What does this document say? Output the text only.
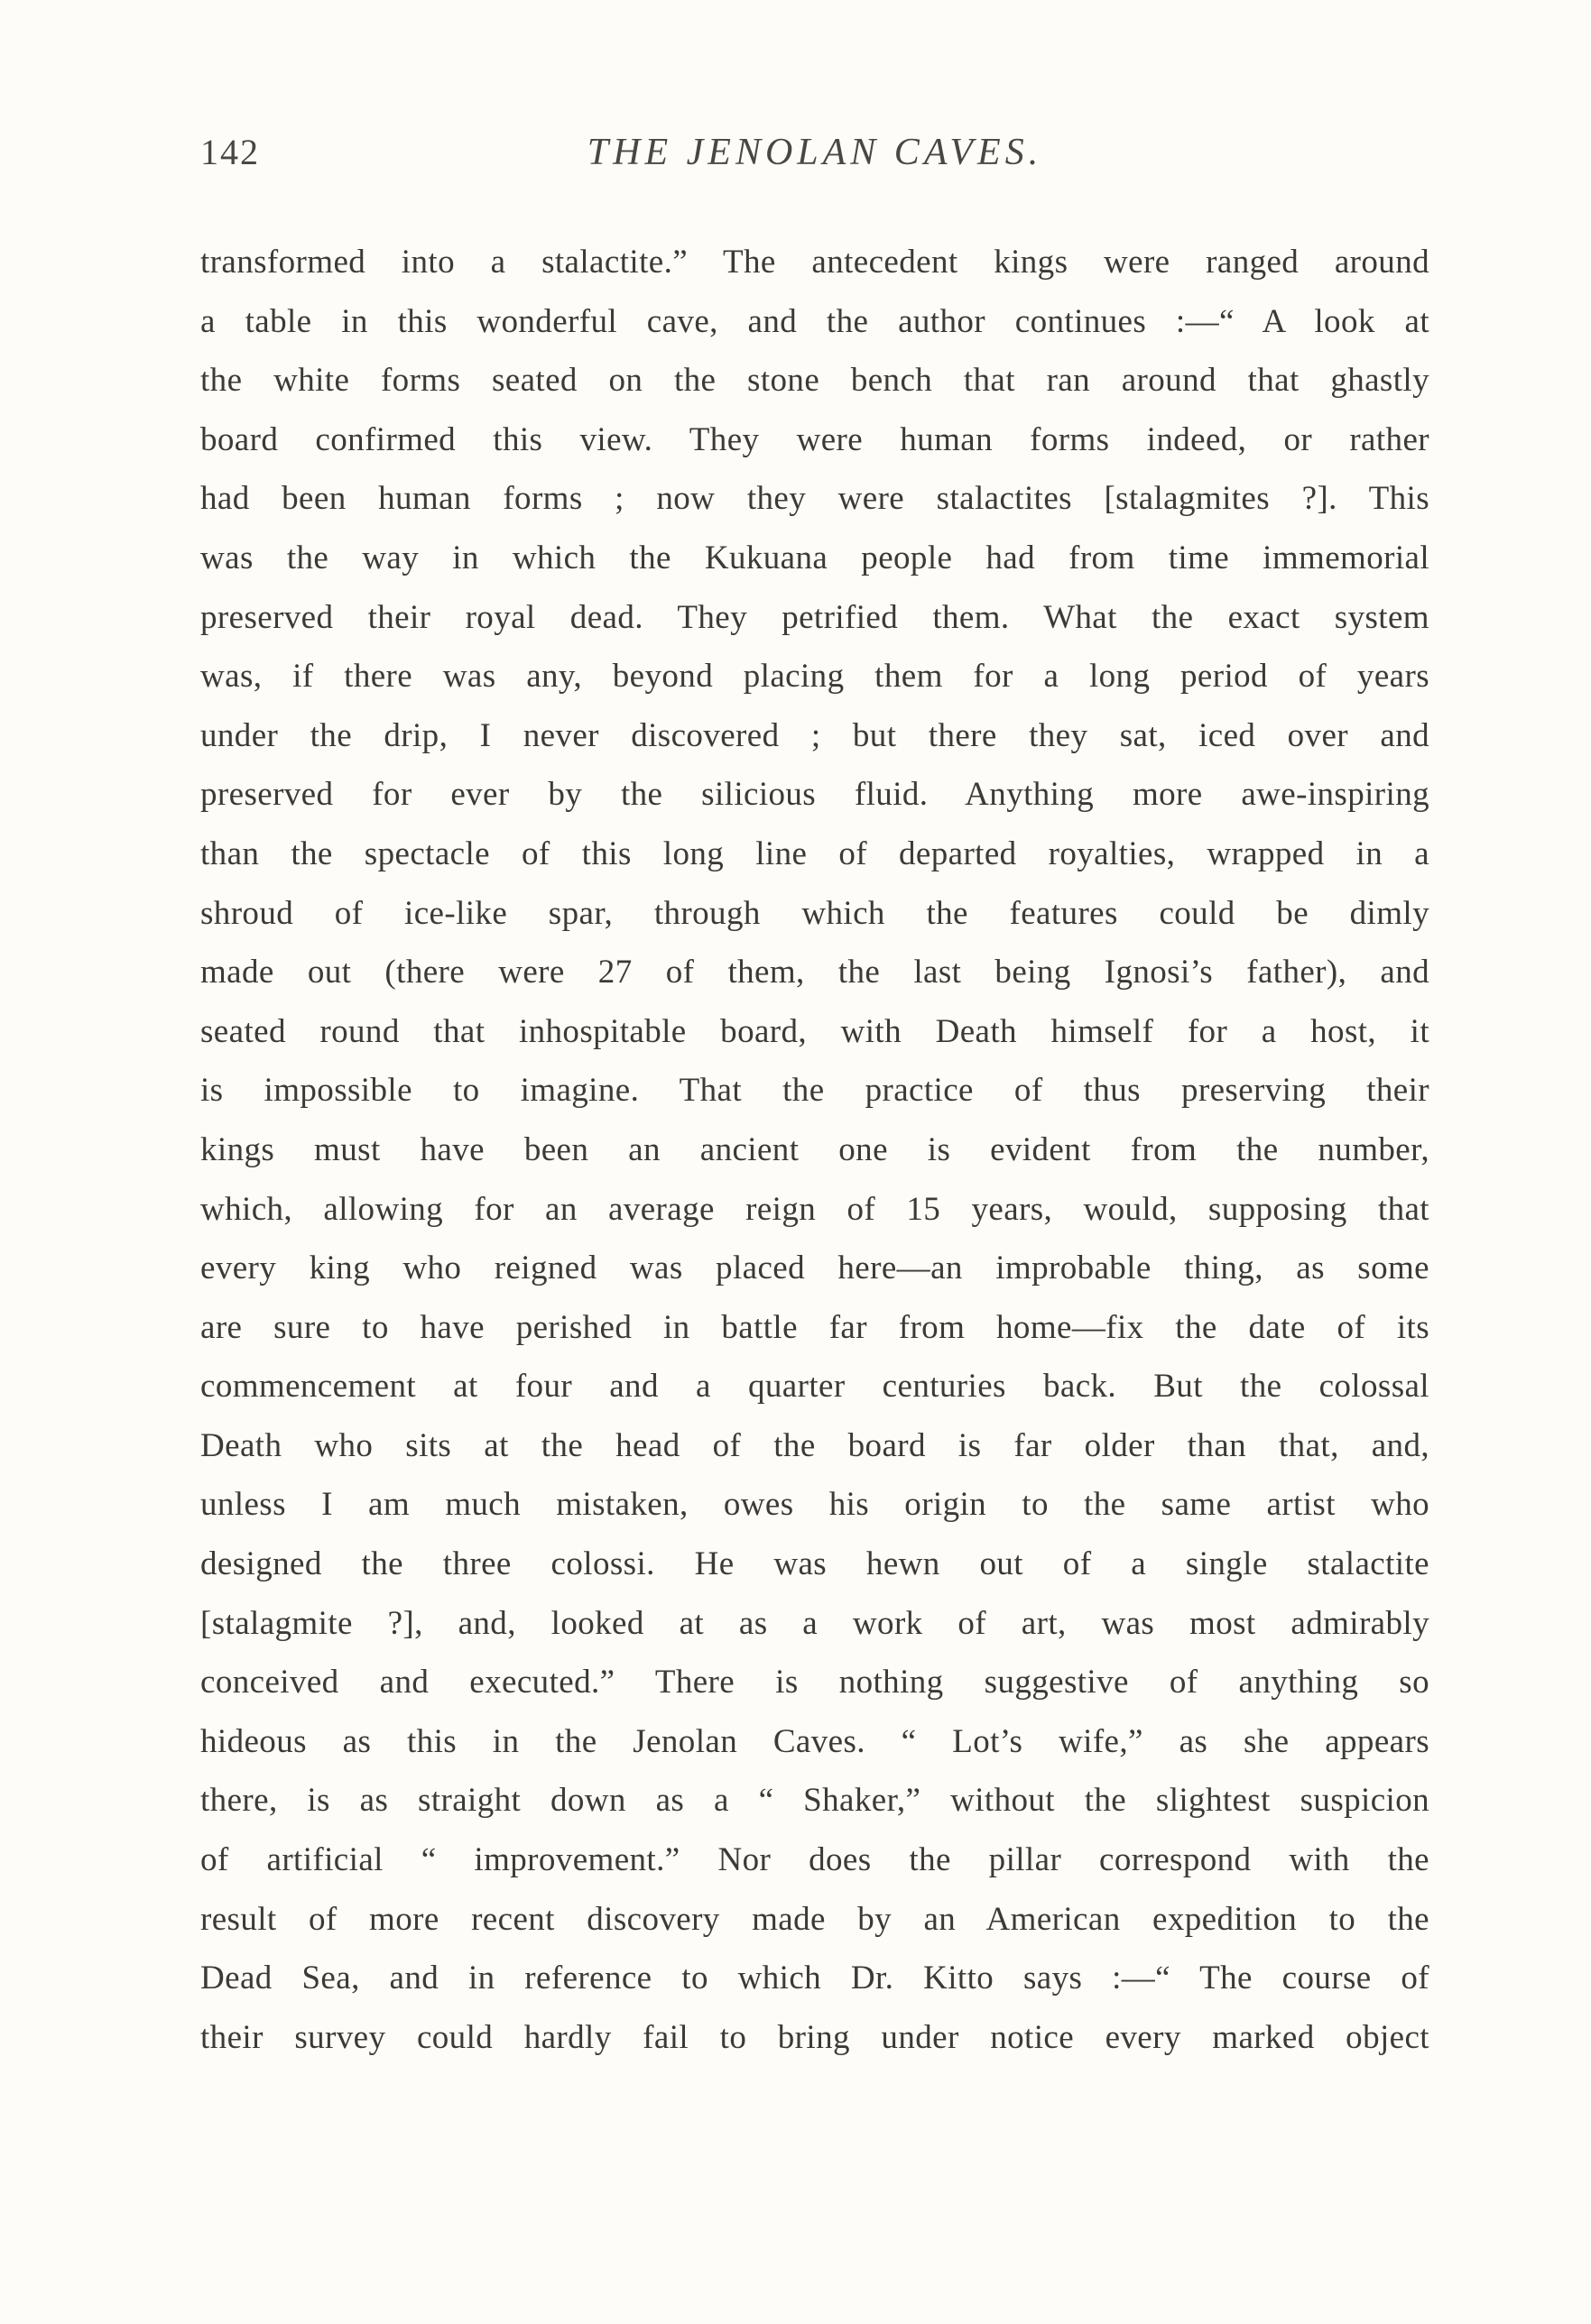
142	THE JENOLAN CAVES.
transformed into a stalactite.” The antecedent kings were ranged around
a table in this wonderful cave, and the author continues :—“ A look at
the white forms seated on the stone bench that ran around that ghastly
board confirmed this view. They were human forms indeed, or rather
had been human forms ; now they were stalactites [stalagmites ?]. This
was the way in which the Kukuana people had from time immemorial
preserved their royal dead. They petrified them. What the exact system
was, if there was any, beyond placing them for a long period of years
under the drip, I never discovered ; but there they sat, iced over and
preserved for ever by the silicious fluid. Anything more awe-inspiring
than the spectacle of this long line of departed royalties, wrapped in a
shroud of ice-like spar, through which the features could be dimly
made out (there were 27 of them, the last being Ignosi’s father), and
seated round that inhospitable board, with Death himself for a host, it
is impossible to imagine. That the practice of thus preserving their
kings must have been an ancient one is evident from the number,
which, allowing for an average reign of 15 years, would, supposing that
every king who reigned was placed here—an improbable thing, as some
are sure to have perished in battle far from home—fix the date of its
commencement at four and a quarter centuries back. But the colossal
Death who sits at the head of the board is far older than that, and,
unless I am much mistaken, owes his origin to the same artist who
designed the three colossi. He was hewn out of a single stalactite
[stalagmite ?], and, looked at as a work of art, was most admirably
conceived and executed.” There is nothing suggestive of anything so
hideous as this in the Jenolan Caves. “ Lot’s wife,” as she appears
there, is as straight down as a “ Shaker,” without the slightest suspicion
of artificial “ improvement.” Nor does the pillar correspond with the
result of more recent discovery made by an American expedition to the
Dead Sea, and in reference to which Dr. Kitto says :—“ The course of
their survey could hardly fail to bring under notice every marked object
